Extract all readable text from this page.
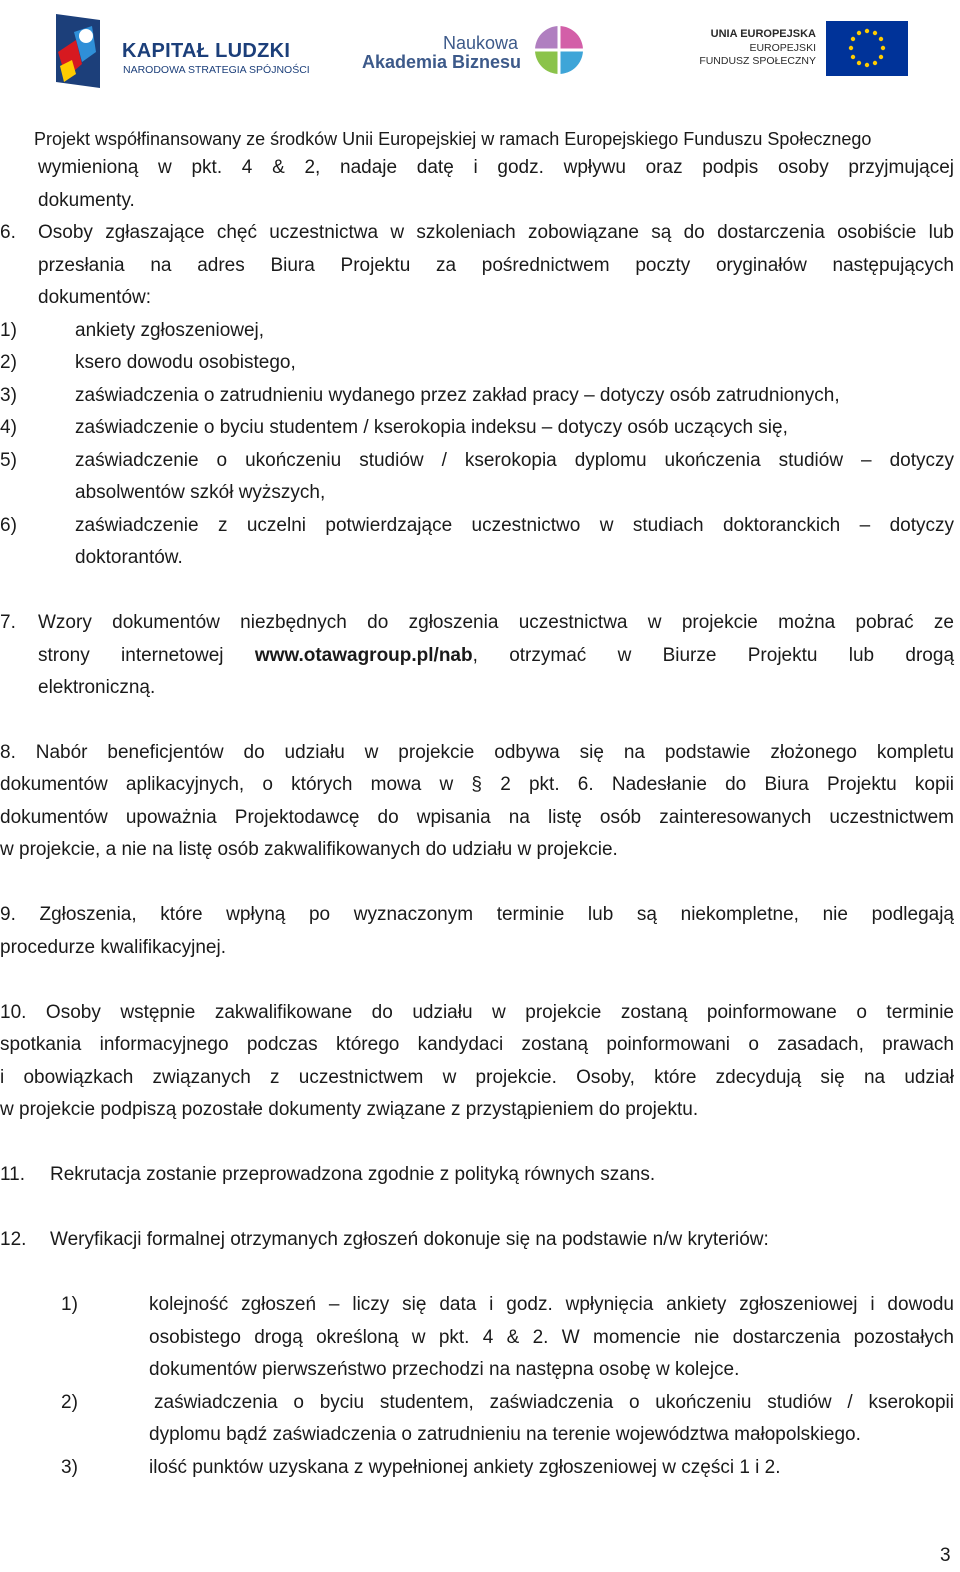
KAPITAŁ LUDZKI
NARODOWA STRATEGIA SPÓJNOŚCI
Naukowa
Akademia Biznesu
UNIA EUROPEJSKA
EUROPEJSKI
FUNDUSZ SPOŁECZNY
Projekt współfinansowany ze środków Unii Europejskiej w ramach Europejskiego Funduszu Społecznego
wymienioną w pkt. 4 & 2, nadaje datę i godz. wpływu oraz podpis osoby przyjmującej
dokumenty.
6. Osoby zgłaszające chęć uczestnictwa w szkoleniach zobowiązane są do dostarczenia osobiście lub
przesłania na adres Biura Projektu za pośrednictwem poczty oryginałów następujących
dokumentów:
1)	ankiety zgłoszeniowej,
2)	ksero dowodu osobistego,
3)	zaświadczenia o zatrudnieniu wydanego przez zakład pracy – dotyczy osób zatrudnionych,
4)	zaświadczenie o byciu studentem / kserokopia indeksu – dotyczy osób uczących się,
5)	zaświadczenie o ukończeniu studiów / kserokopia dyplomu ukończenia studiów – dotyczy
absolwentów szkół wyższych,
6)	zaświadczenie z uczelni potwierdzające uczestnictwo w studiach doktoranckich – dotyczy
doktorantów.
7. Wzory dokumentów niezbędnych do zgłoszenia uczestnictwa w projekcie można pobrać ze
strony internetowej www.otawagroup.pl/nab, otrzymać w Biurze Projektu lub drogą
elektroniczną.
8. Nabór beneficjentów do udziału w projekcie odbywa się na podstawie złożonego kompletu
dokumentów aplikacyjnych, o których mowa w § 2 pkt. 6. Nadesłanie do Biura Projektu kopii
dokumentów upoważnia Projektodawcę do wpisania na listę osób zainteresowanych uczestnictwem
w projekcie, a nie na listę osób zakwalifikowanych do udziału w projekcie.
9. Zgłoszenia, które wpłyną po wyznaczonym terminie lub są niekompletne, nie podlegają
procedurze kwalifikacyjnej.
10. Osoby wstępnie zakwalifikowane do udziału w projekcie zostaną poinformowane o terminie
spotkania informacyjnego podczas którego kandydaci zostaną poinformowani o zasadach, prawach
i obowiązkach związanych z uczestnictwem w projekcie. Osoby, które zdecydują się na udział
w projekcie podpiszą pozostałe dokumenty związane z przystąpieniem do projektu.
11. Rekrutacja zostanie przeprowadzona zgodnie z polityką równych szans.
12. Weryfikacji formalnej otrzymanych zgłoszeń dokonuje się na podstawie n/w kryteriów:
1)	kolejność zgłoszeń – liczy się data i godz. wpłynięcia ankiety zgłoszeniowej i dowodu
osobistego drogą określoną w pkt. 4 & 2. W momencie nie dostarczenia pozostałych
dokumentów pierwszeństwo przechodzi na następna osobę w kolejce.
2)	zaświadczenia o byciu studentem, zaświadczenia o ukończeniu studiów / kserokopii
dyplomu bądź zaświadczenia o zatrudnieniu na terenie województwa małopolskiego.
3)	ilość punktów uzyskana z wypełnionej ankiety zgłoszeniowej w części 1 i 2.
3
